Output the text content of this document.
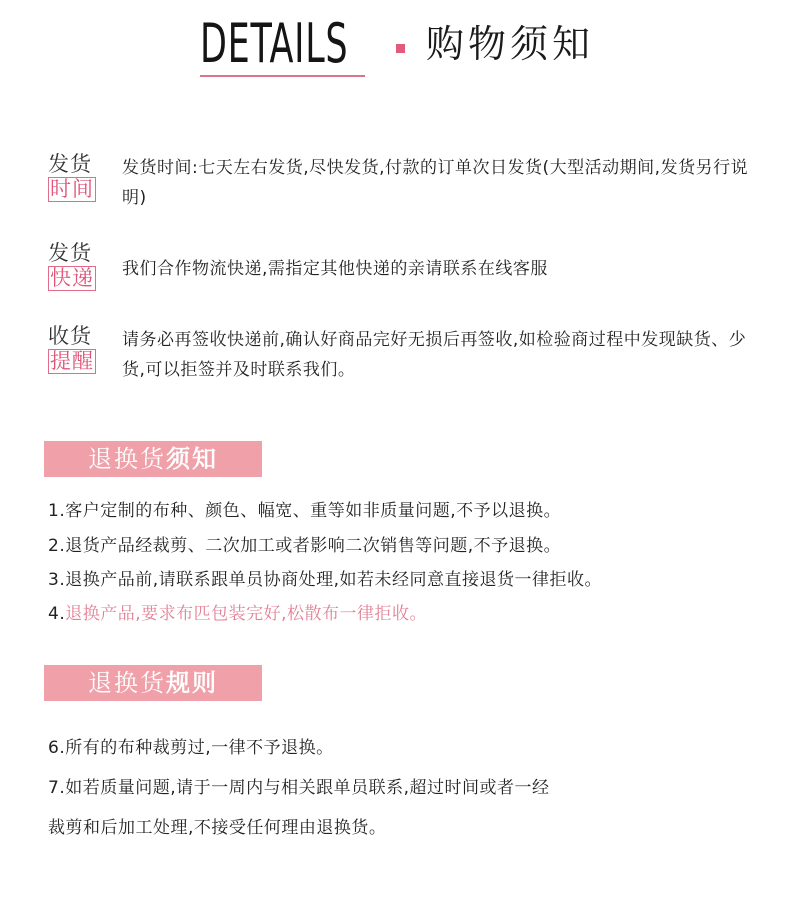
DETAILS 购物须知
发货
时间
发货时间:七天左右发货,尽快发货,付款的订单次日发货(大型活动期间,发货另行说明)
发货
快递	我们合作物流快递,需指定其他快递的亲请联系在线客服
收货
提醒
请务必再签收快递前,确认好商品完好无损后再签收,如检验商过程中发现缺货、少货,可以拒签并及时联系我们。
退换货须知
1.客户定制的布种、颜色、幅宽、重等如非质量问题,不予以退换。
2.退货产品经裁剪、二次加工或者影响二次销售等问题,不予退换。
3.退换产品前,请联系跟单员协商处理,如若未经同意直接退货一律拒收。
4.退换产品,要求布匹包装完好,松散布一律拒收。
退换货规则
6.所有的布种裁剪过,一律不予退换。
7.如若质量问题,请于一周内与相关跟单员联系,超过时间或者一经
裁剪和后加工处理,不接受任何理由退换货。
